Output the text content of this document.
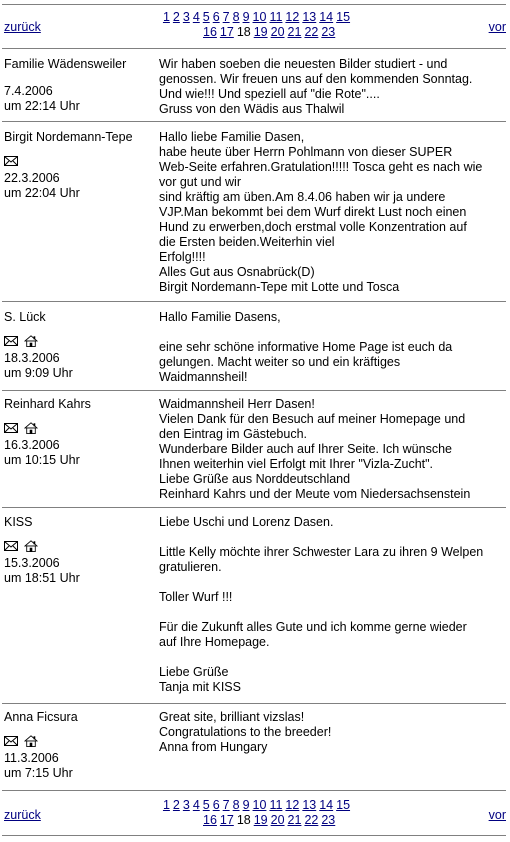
zurück
1 2 3 4 5 6 7 8 9 10 11 12 13 14 15
16 17 18 19 20 21 22 23	vor
Familie Wädensweiler
7.4.2006
um 22:14 Uhr
Wir haben soeben die neuesten Bilder studiert - und
genossen. Wir freuen uns auf den kommenden Sonntag.
Und wie!!! Und speziell auf "die Rote"....
Gruss von den Wädis aus Thalwil
Birgit Nordemann-Tepe
22.3.2006
um 22:04 Uhr
Hallo liebe Familie Dasen,
habe heute über Herrn Pohlmann von dieser SUPER
Web-Seite erfahren.Gratulation!!!!! Tosca geht es nach wie
vor gut und wir
sind kräftig am üben.Am 8.4.06 haben wir ja undere
VJP.Man bekommt bei dem Wurf direkt Lust noch einen
Hund zu erwerben,doch erstmal volle Konzentration auf
die Ersten beiden.Weiterhin viel
Erfolg!!!!
Alles Gut aus Osnabrück(D)
Birgit Nordemann-Tepe mit Lotte und Tosca
S. Lück

18.3.2006
um 9:09 Uhr
Hallo Familie Dasens,

eine sehr schöne informative Home Page ist euch da
gelungen. Macht weiter so und ein kräftiges
Waidmannsheil!
Reinhard Kahrs

16.3.2006
um 10:15 Uhr
Waidmannsheil Herr Dasen!
Vielen Dank für den Besuch auf meiner Homepage und
den Eintrag im Gästebuch.
Wunderbare Bilder auch auf Ihrer Seite. Ich wünsche
Ihnen weiterhin viel Erfolgt mit Ihrer "Vizla-Zucht".
Liebe Grüße aus Norddeutschland
Reinhard Kahrs und der Meute vom Niedersachsenstein
KISS

15.3.2006
um 18:51 Uhr
Liebe Uschi und Lorenz Dasen.

Little Kelly möchte ihrer Schwester Lara zu ihren 9 Welpen
gratulieren.

Toller Wurf !!!

Für die Zukunft alles Gute und ich komme gerne wieder
auf Ihre Homepage.

Liebe Grüße
Tanja mit KISS
Anna Ficsura

11.3.2006
um 7:15 Uhr
Great site, brilliant vizslas!
Congratulations to the breeder!
Anna from Hungary
zurück
1 2 3 4 5 6 7 8 9 10 11 12 13 14 15
16 17 18 19 20 21 22 23	vor
